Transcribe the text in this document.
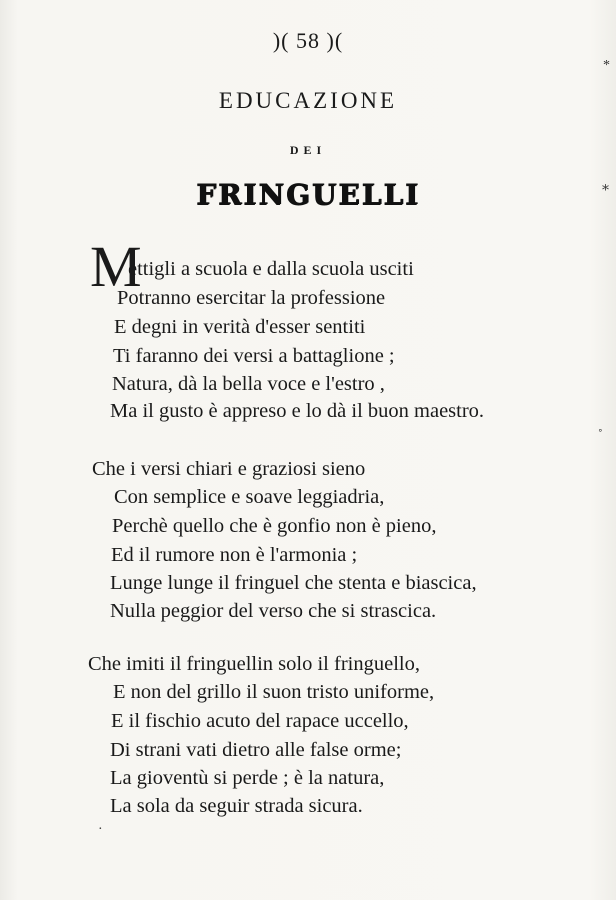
)( 58 )(
EDUCAZIONE
DEI
FRINGUELLI
M
ettigli a scuola e dalla scuola usciti
Potranno esercitar la professione
E degni in verità d'esser sentiti
Ti faranno dei versi a battaglione ;
Natura, dà la bella voce e l'estro ,
Ma il gusto è appreso e lo dà il buon maestro.
Che i versi chiari e graziosi sieno
Con semplice e soave leggiadria,
Perchè quello che è gonfio non è pieno,
Ed il rumore non è l'armonia ;
Lunge lunge il fringuel che stenta e biascica,
Nulla peggior del verso che si strascica.
Che imiti il fringuellin solo il fringuello,
E non del grillo il suon tristo uniforme,
E il fischio acuto del rapace uccello,
Di strani vati dietro alle false orme;
La gioventù si perde ; è la natura,
La sola da seguir strada sicura.
*
⁎
˚
·
